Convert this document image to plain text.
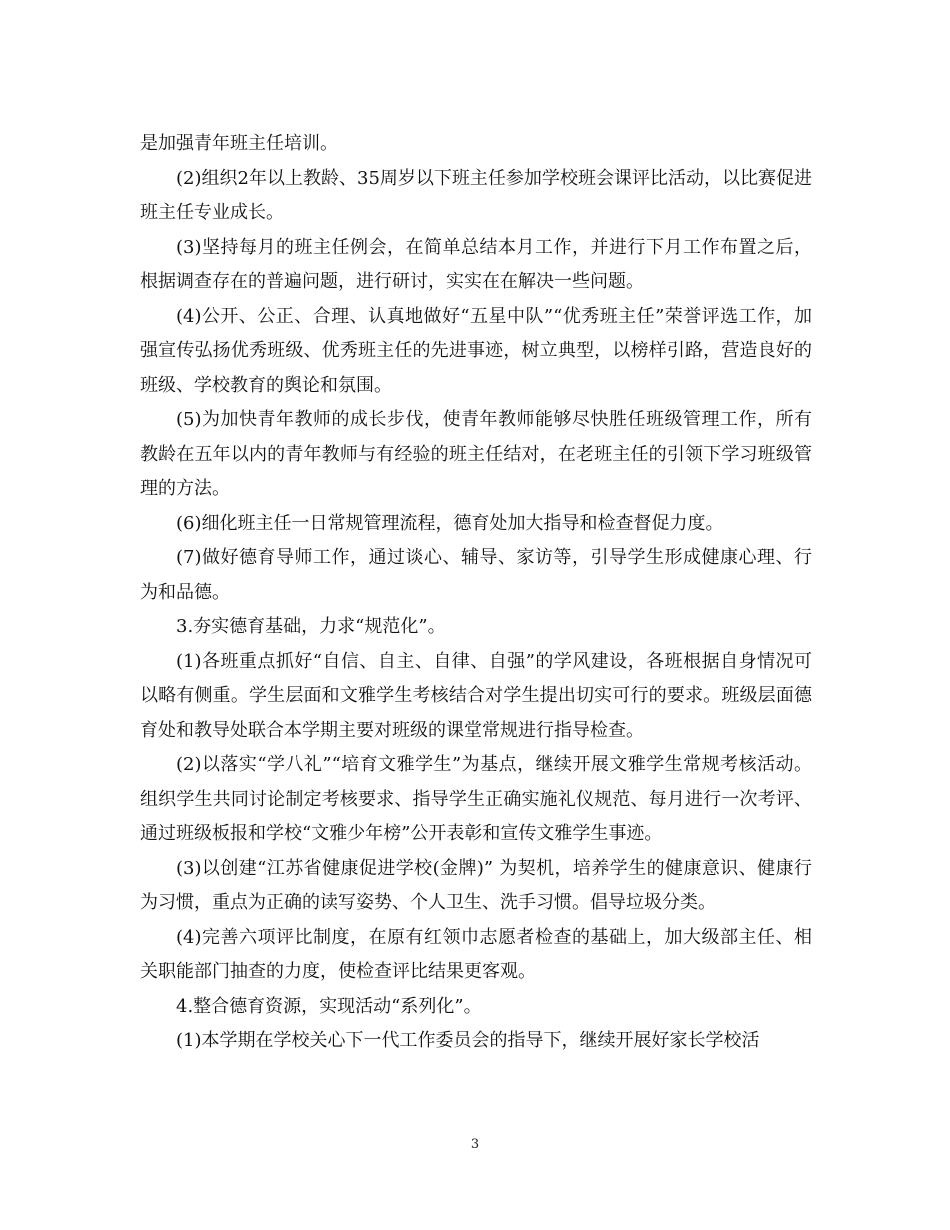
是加强青年班主任培训。

(2)组织2年以上教龄、35周岁以下班主任参加学校班会课评比活动，以比赛促进班主任专业成长。

(3)坚持每月的班主任例会，在简单总结本月工作，并进行下月工作布置之后，根据调查存在的普遍问题，进行研讨，实实在在解决一些问题。

(4)公开、公正、合理、认真地做好“五星中队”“优秀班主任”荣誉评选工作，加强宣传弘扬优秀班级、优秀班主任的先进事迹，树立典型，以榜样引路，营造良好的班级、学校教育的舆论和氛围。

(5)为加快青年教师的成长步伐，使青年教师能够尽快胜任班级管理工作，所有教龄在五年以内的青年教师与有经验的班主任结对，在老班主任的引领下学习班级管理的方法。

(6)细化班主任一日常规管理流程，德育处加大指导和检查督促力度。

(7)做好德育导师工作，通过谈心、辅导、家访等，引导学生形成健康心理、行为和品德。

3.夯实德育基础，力求“规范化”。

(1)各班重点抓好“自信、自主、自律、自强”的学风建设，各班根据自身情况可以略有侧重。学生层面和文雅学生考核结合对学生提出切实可行的要求。班级层面德育处和教导处联合本学期主要对班级的课堂常规进行指导检查。

(2)以落实“学八礼”“培育文雅学生”为基点，继续开展文雅学生常规考核活动。组织学生共同讨论制定考核要求、指导学生正确实施礼仪规范、每月进行一次考评、通过班级板报和学校“文雅少年榜”公开表彰和宣传文雅学生事迹。

(3)以创建“江苏省健康促进学校(金牌)” 为契机，培养学生的健康意识、健康行为习惯，重点为正确的读写姿势、个人卫生、洗手习惯。倡导垃圾分类。

(4)完善六项评比制度，在原有红领巾志愿者检查的基础上，加大级部主任、相关职能部门抽查的力度，使检查评比结果更客观。

4.整合德育资源，实现活动“系列化”。

(1)本学期在学校关心下一代工作委员会的指导下，继续开展好家长学校活

3
